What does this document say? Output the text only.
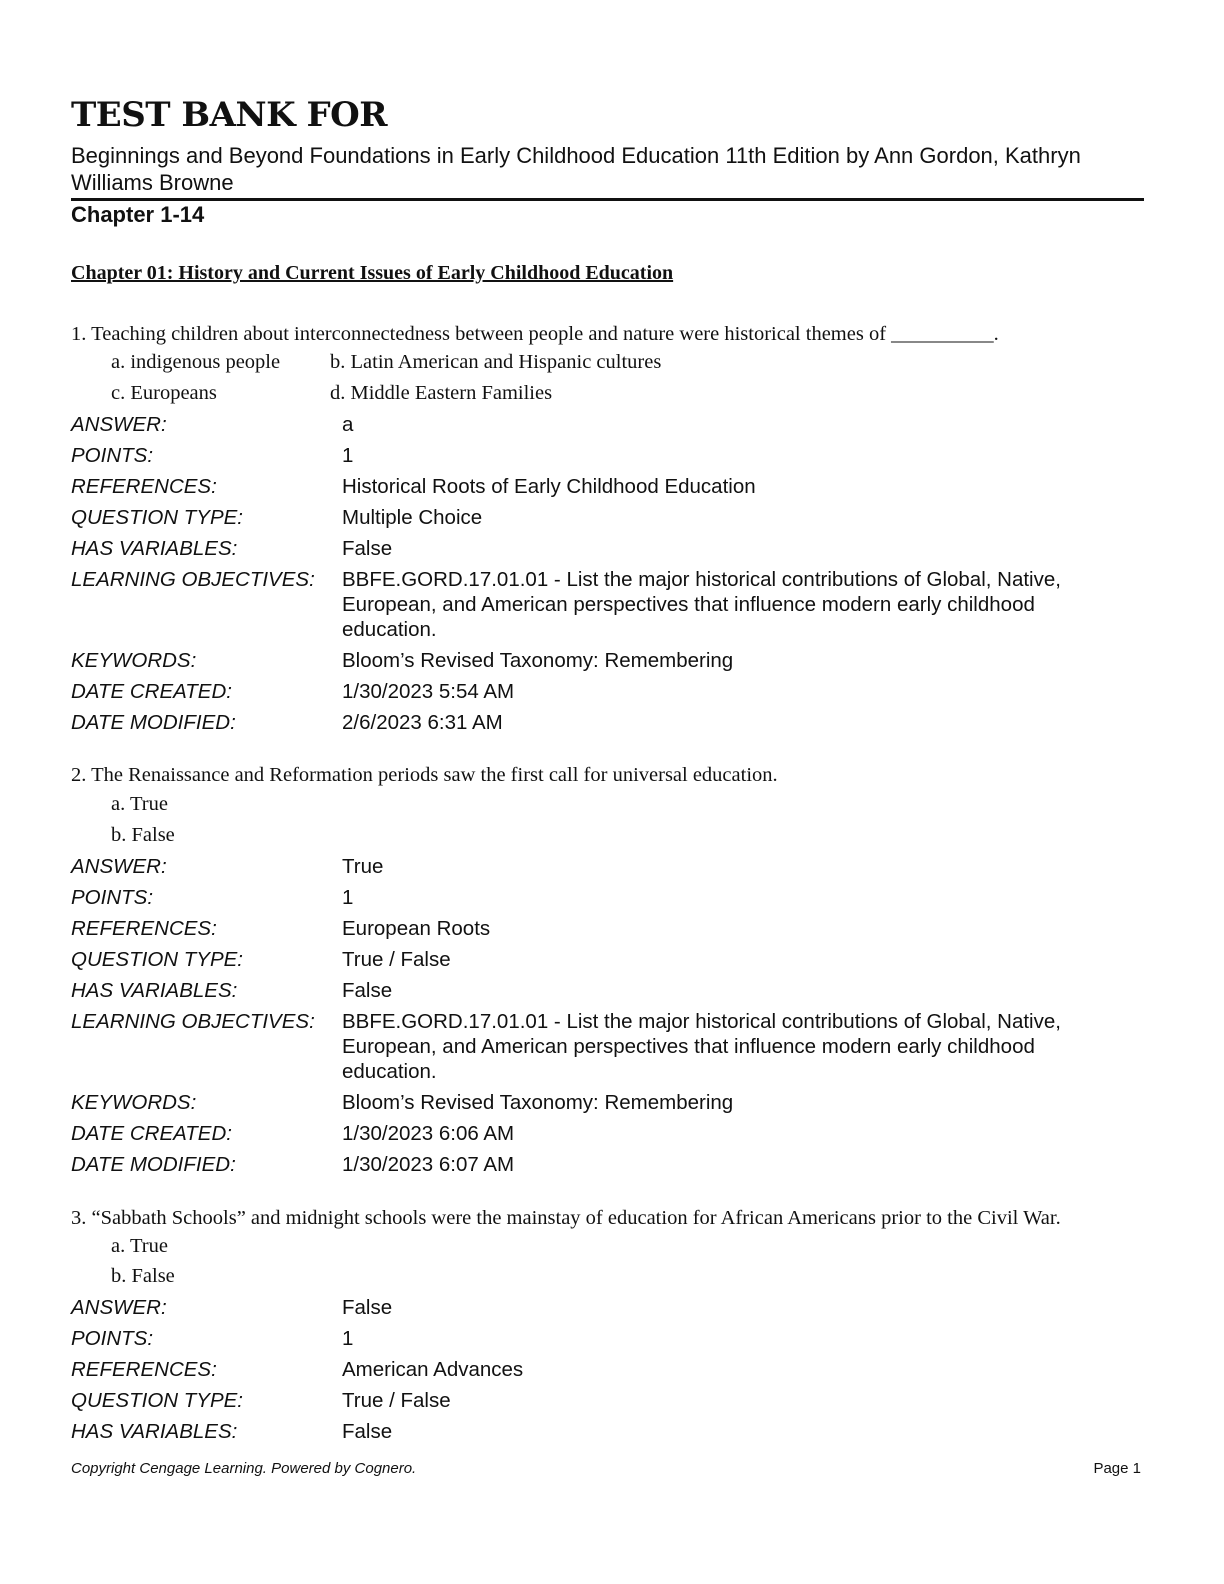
TEST BANK FOR
Beginnings and Beyond Foundations in Early Childhood Education 11th Edition by Ann Gordon, Kathryn Williams Browne
Chapter 1-14
Chapter 01: History and Current Issues of Early Childhood Education
1. Teaching children about interconnectedness between people and nature were historical themes of __________.
a. indigenous people b. Latin American and Hispanic cultures
c. Europeans	d. Middle Eastern Families
ANSWER:	a
POINTS:	1
REFERENCES:	Historical Roots of Early Childhood Education
QUESTION TYPE:	Multiple Choice
HAS VARIABLES:	False
LEARNING OBJECTIVES: BBFE.GORD.17.01.01 - List the major historical contributions of Global, Native, European, and American perspectives that influence modern early childhood education.
KEYWORDS:	Bloom’s Revised Taxonomy: Remembering
DATE CREATED:	1/30/2023 5:54 AM
DATE MODIFIED:	2/6/2023 6:31 AM
2. The Renaissance and Reformation periods saw the first call for universal education.
a. True
b. False
ANSWER:	True
POINTS:	1
REFERENCES:	European Roots
QUESTION TYPE:	True / False
HAS VARIABLES:	False
LEARNING OBJECTIVES: BBFE.GORD.17.01.01 - List the major historical contributions of Global, Native, European, and American perspectives that influence modern early childhood education.
KEYWORDS:	Bloom’s Revised Taxonomy: Remembering
DATE CREATED:	1/30/2023 6:06 AM
DATE MODIFIED:	1/30/2023 6:07 AM
3. “Sabbath Schools” and midnight schools were the mainstay of education for African Americans prior to the Civil War.
a. True
b. False
ANSWER:	False
POINTS:	1
REFERENCES:	American Advances
QUESTION TYPE:	True / False
HAS VARIABLES:	False
Copyright Cengage Learning. Powered by Cognero.	Page 1
